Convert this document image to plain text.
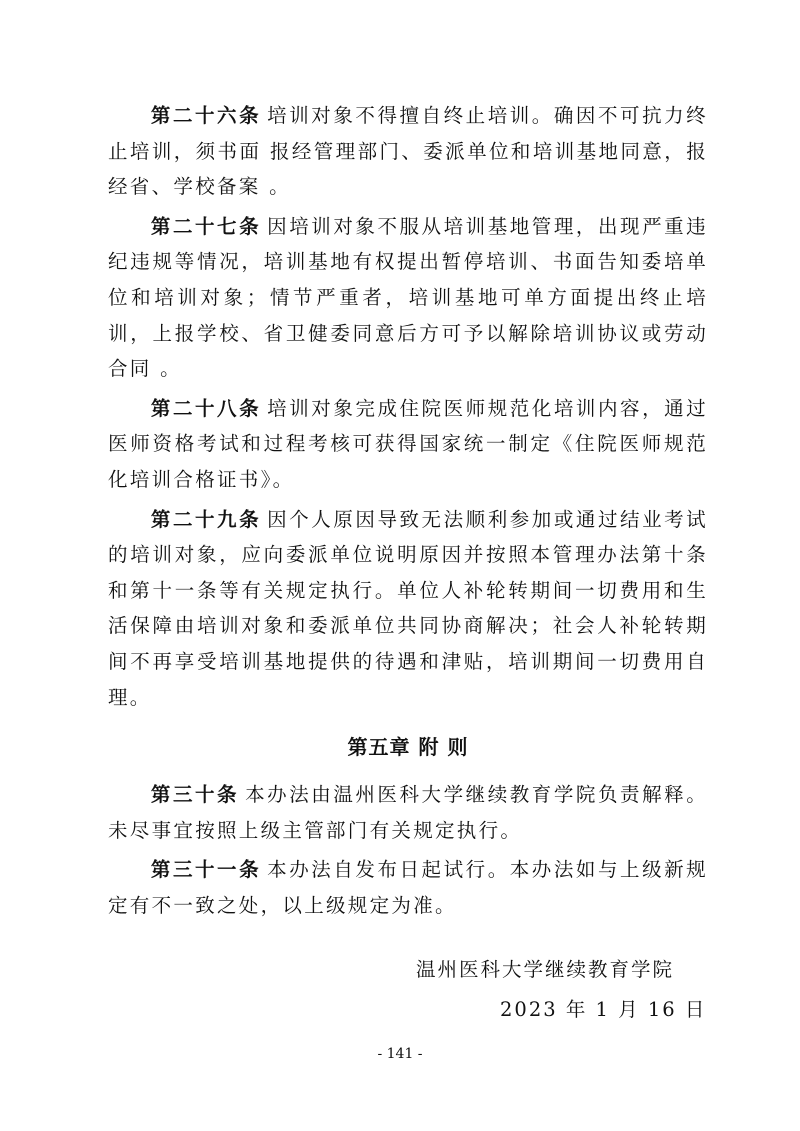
第二十六条 培训对象不得擅自终止培训。确因不可抗力终止培训，须书面 报经管理部门、委派单位和培训基地同意，报经省、学校备案 。

第二十七条 因培训对象不服从培训基地管理，出现严重违纪违规等情况，培训基地有权提出暂停培训、书面告知委培单位和培训对象；情节严重者，培训基地可单方面提出终止培训，上报学校、省卫健委同意后方可予以解除培训协议或劳动合同 。

第二十八条 培训对象完成住院医师规范化培训内容，通过医师资格考试和过程考核可获得国家统一制定《住院医师规范化培训合格证书》。

第二十九条 因个人原因导致无法顺利参加或通过结业考试的培训对象，应向委派单位说明原因并按照本管理办法第十条和第十一条等有关规定执行。单位人补轮转期间一切费用和生活保障由培训对象和委派单位共同协商解决；社会人补轮转期间不再享受培训基地提供的待遇和津贴，培训期间一切费用自理。

第五章 附 则

第三十条 本办法由温州医科大学继续教育学院负责解释。未尽事宜按照上级主管部门有关规定执行。

第三十一条 本办法自发布日起试行。本办法如与上级新规定有不一致之处，以上级规定为准。

温州医科大学继续教育学院
2023 年 1 月 16 日
- 141 -
